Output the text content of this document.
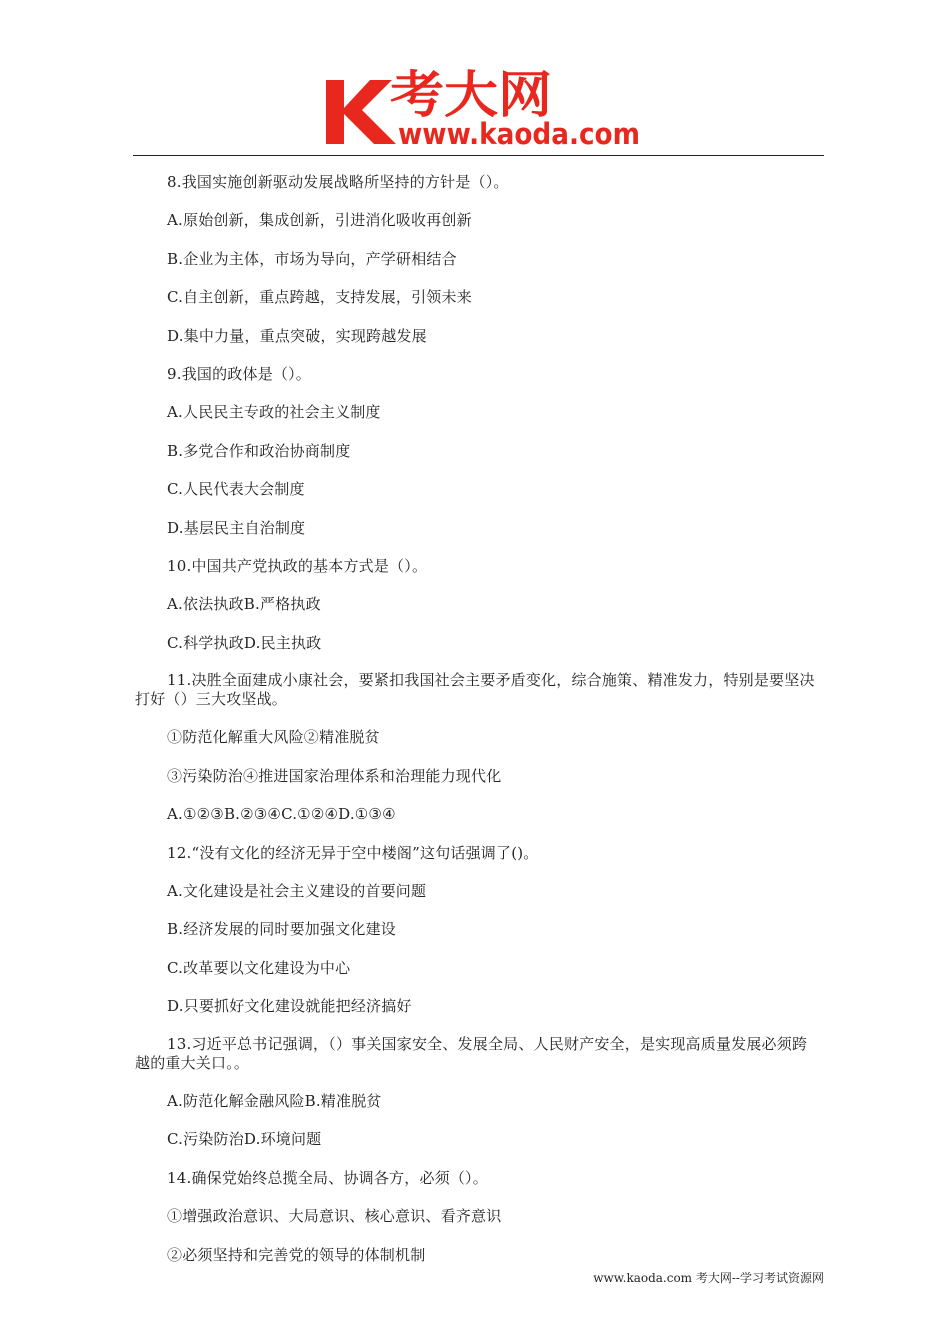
考大网
www.kaoda.com
8.我国实施创新驱动发展战略所坚持的方针是（）。
A.原始创新，集成创新，引进消化吸收再创新
B.企业为主体，市场为导向，产学研相结合
C.自主创新，重点跨越，支持发展，引领未来
D.集中力量，重点突破，实现跨越发展
9.我国的政体是（）。
A.人民民主专政的社会主义制度
B.多党合作和政治协商制度
C.人民代表大会制度
D.基层民主自治制度
10.中国共产党执政的基本方式是（）。
A.依法执政B.严格执政
C.科学执政D.民主执政
11.决胜全面建成小康社会，要紧扣我国社会主要矛盾变化，综合施策、精准发力，特别是要坚决打好（）三大攻坚战。
①防范化解重大风险②精准脱贫
③污染防治④推进国家治理体系和治理能力现代化
A.①②③B.②③④C.①②④D.①③④
12.“没有文化的经济无异于空中楼阁”这句话强调了()。
A.文化建设是社会主义建设的首要问题
B.经济发展的同时要加强文化建设
C.改革要以文化建设为中心
D.只要抓好文化建设就能把经济搞好
13.习近平总书记强调，（）事关国家安全、发展全局、人民财产安全，是实现高质量发展必须跨越的重大关口。。
A.防范化解金融风险B.精准脱贫
C.污染防治D.环境问题
14.确保党始终总揽全局、协调各方，必须（）。
①增强政治意识、大局意识、核心意识、看齐意识
②必须坚持和完善党的领导的体制机制
www.kaoda.com 考大网--学习考试资源网
